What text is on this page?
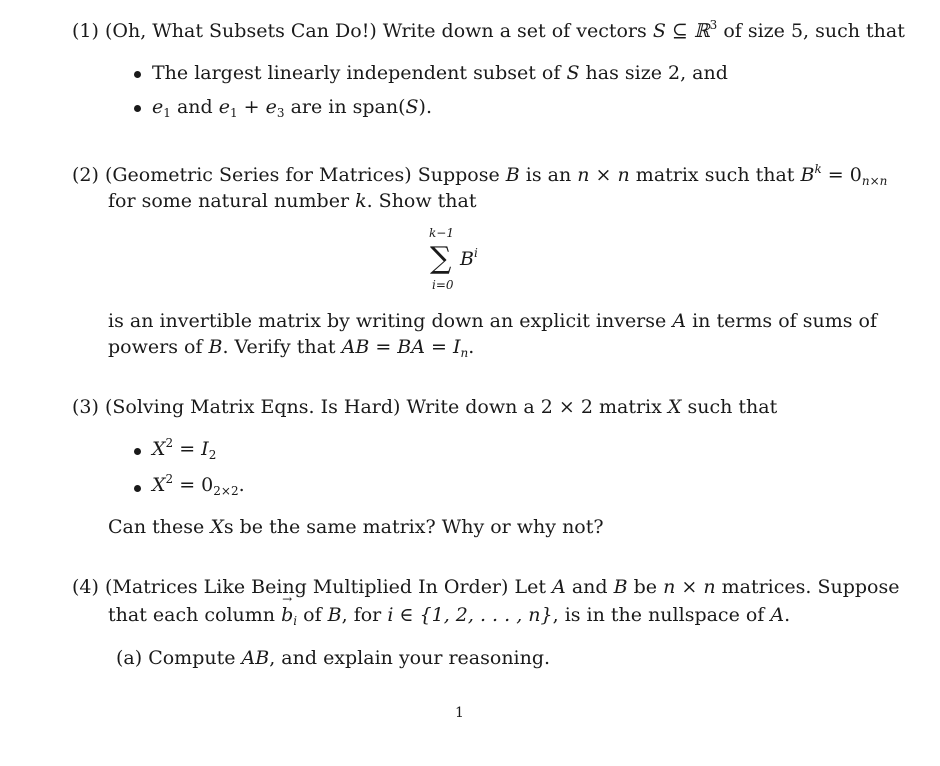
(1) (Oh, What Subsets Can Do!) Write down a set of vectors S ⊆ ℝ$^3$ of size 5, such that
The largest linearly independent subset of S has size 2, and
$e_1$ and $e_1 + e_3$ are in span(S).
(2) (Geometric Series for Matrices) Suppose B is an n × n matrix such that $B^k = 0_{n\times n}$
for some natural number k. Show that
k−1
∑ $B^i$
i=0
is an invertible matrix by writing down an explicit inverse A in terms of sums of
powers of B. Verify that AB = BA = $I_n$.
(3) (Solving Matrix Eqns. Is Hard) Write down a 2 × 2 matrix X such that
$X^2 = I_2$
$X^2 = 0_{2\times 2}$.
Can these Xs be the same matrix? Why or why not?
(4) (Matrices Like Being Multiplied In Order) Let A and B be n × n matrices. Suppose
that each column → $b_i$ of B, for i ∈ {1, 2, . . . , n}, is in the nullspace of A.
(a) Compute AB, and explain your reasoning.
1
